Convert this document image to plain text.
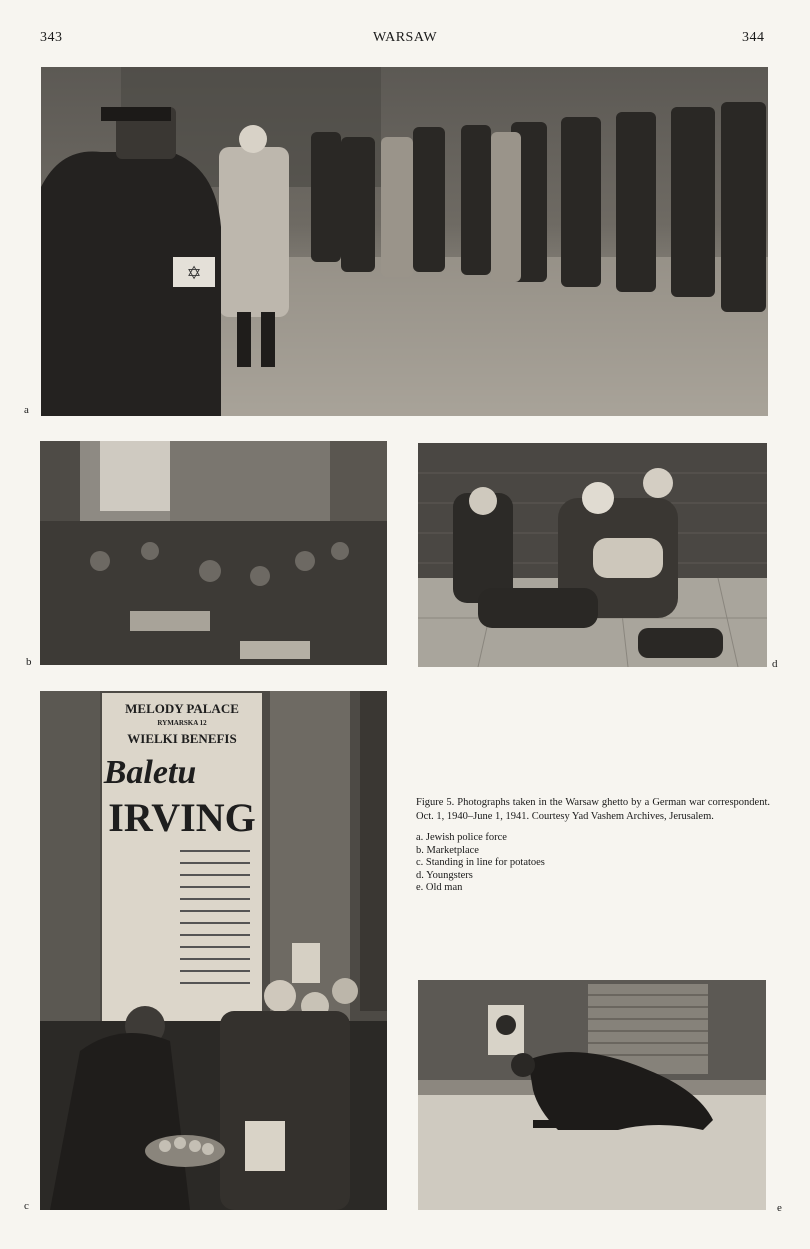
343	WARSAW	344
✡
a
b	d
MELODY PALACE
RYMARSKA 12
WIELKI BENEFIS
Baletu
IRVING
c

Figure 5. Photographs taken in the Warsaw ghetto by a German war correspondent. Oct. 1, 1940–June 1, 1941. Courtesy Yad Vashem Archives, Jerusalem.

a. Jewish police force
b. Marketplace
c. Standing in line for potatoes
d. Youngsters
e. Old man
e
